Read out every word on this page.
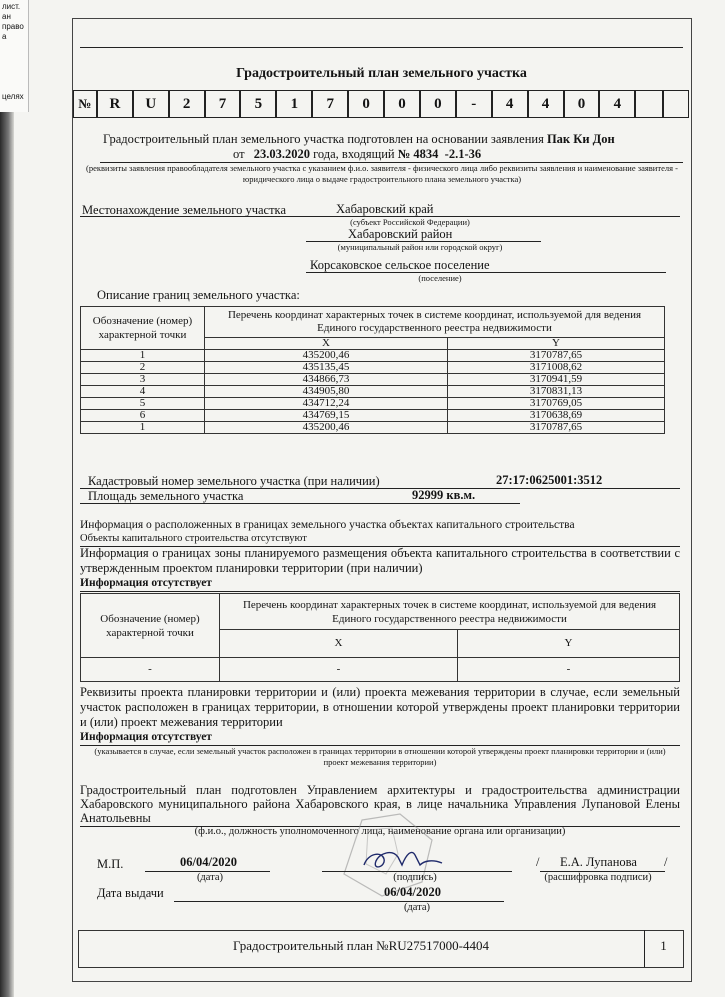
лист.
ан
право
а
целях
Градостроительный план земельного участка
№	R	U	2	7	5	1	7	0	0	0	-	4	4	0	4
Градостроительный план земельного участка подготовлен на основании заявления Пак Ки Дон
от 23.03.2020 года, входящий № 4834  -2.1-36
(реквизиты заявления правообладателя земельного участка с указанием ф.и.о. заявителя - физического лица либо реквизиты заявления и наименование заявителя - юридического лица о выдаче градостроительного плана земельного участка)
Местонахождение земельного участка	Хабаровский край
(субъект Российской Федерации)
Хабаровский район
(муниципальный район или городской округ)
Корсаковское сельское поселение
(поселение)
Описание границ земельного участка:
Обозначение (номер) характерной точки	Перечень координат характерных точек в системе координат, используемой для ведения Единого государственного реестра недвижимости	
	X	Y
1	435200,46	3170787,65
2	435135,45	3171008,62
3	434866,73	3170941,59
4	434905,80	3170831,13
5	434712,24	3170769,05
6	434769,15	3170638,69
1	435200,46	3170787,65
Кадастровый номер земельного участка (при наличии)	27:17:0625001:3512
Площадь земельного участка	92999 кв.м.
Информация о расположенных в границах земельного участка объектах капитального строительства
Объекты капитального строительства отсутствуют
Информация о границах зоны планируемого размещения объекта капитального строительства в соответствии с утвержденным проектом планировки территории (при наличии)
Информация отсутствует
Обозначение (номер) характерной точки	Перечень координат характерных точек в системе координат, используемой для ведения Единого государственного реестра недвижимости	
	X	Y
-	-	-
Реквизиты проекта планировки территории и (или) проекта межевания территории в случае, если земельный участок расположен в границах территории, в отношении которой утверждены проект планировки территории и (или) проект межевания территории
Информация отсутствует
(указывается в случае, если земельный участок расположен в границах территории в отношении которой утверждены проект планировки территории и (или) проект межевания территории)
Градостроительный план подготовлен Управлением архитектуры и градостроительства администрации Хабаровского муниципального района Хабаровского края, в лице начальника Управления Лупановой Елены Анатольевны
(ф.и.о., должность уполномоченного лица, наименование органа или организации)
М.П.	06/04/2020
(дата)	(подпись)
/ Е.А. Лупанова /
(расшифровка подписи)
Дата выдачи	06/04/2020
(дата)
Градостроительный план №RU27517000-4404	1
